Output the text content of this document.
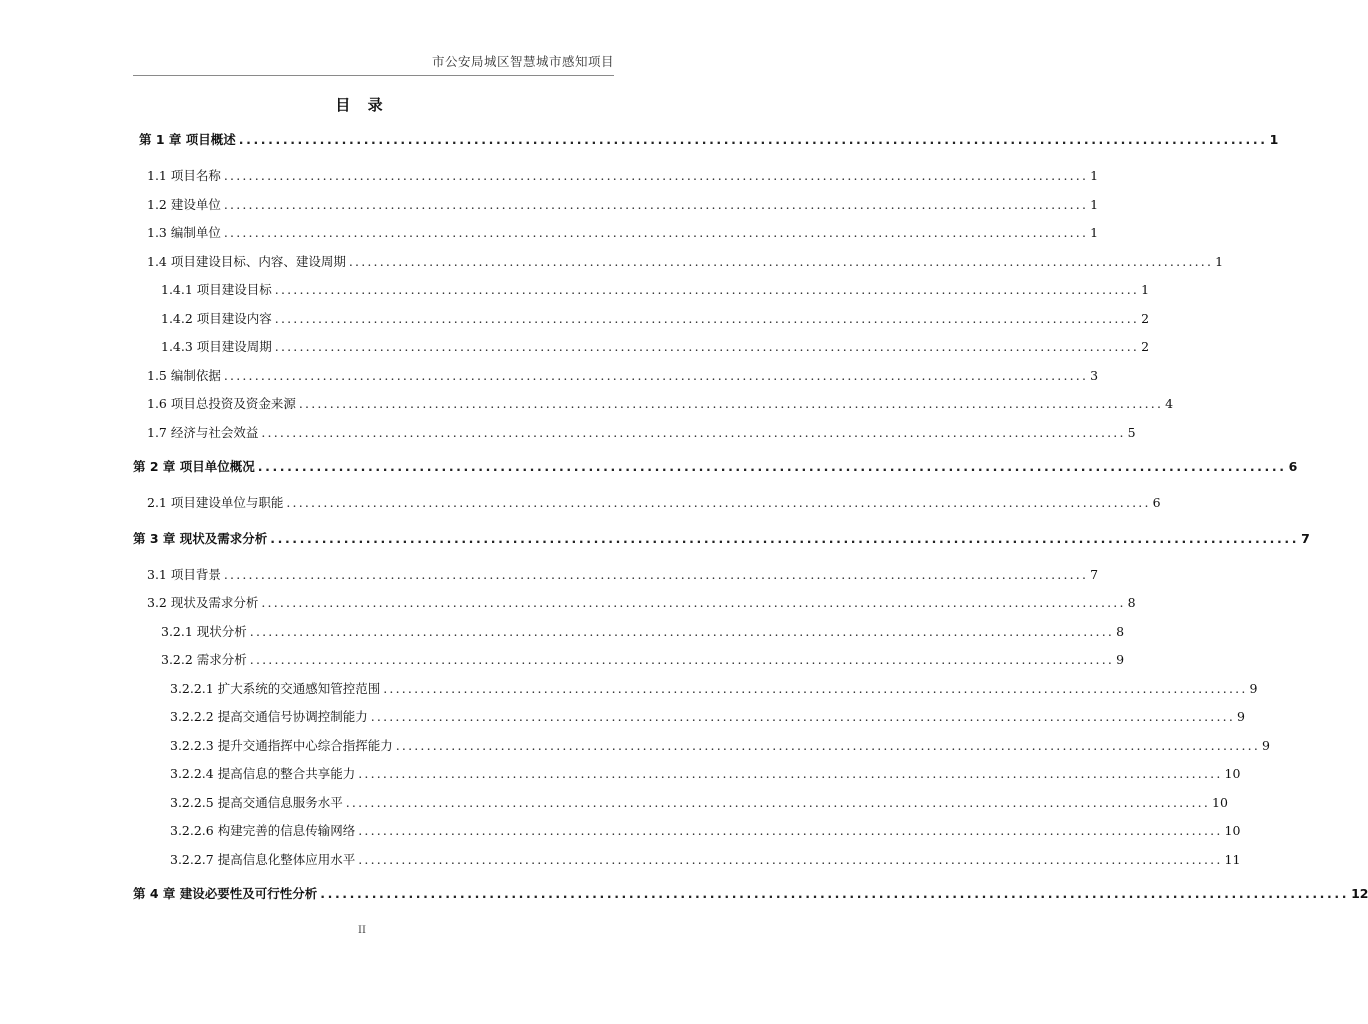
市公安局城区智慧城市感知项目
目 录
第 1 章 项目概述 ............................................................................................................................................ 1
1.1 项目名称 ............................................................................................................................................ 1
1.2 建设单位 ............................................................................................................................................ 1
1.3 编制单位 ............................................................................................................................................ 1
1.4 项目建设目标、内容、建设周期 ............................................................................................................................................ 1
1.4.1 项目建设目标 ............................................................................................................................................ 1
1.4.2 项目建设内容 ............................................................................................................................................ 2
1.4.3 项目建设周期 ............................................................................................................................................ 2
1.5 编制依据 ............................................................................................................................................ 3
1.6 项目总投资及资金来源 ............................................................................................................................................ 4
1.7 经济与社会效益 ............................................................................................................................................ 5
第 2 章 项目单位概况 ............................................................................................................................................ 6
2.1 项目建设单位与职能 ............................................................................................................................................ 6
第 3 章 现状及需求分析 ............................................................................................................................................ 7
3.1 项目背景 ............................................................................................................................................ 7
3.2 现状及需求分析 ............................................................................................................................................ 8
3.2.1 现状分析 ............................................................................................................................................ 8
3.2.2 需求分析 ............................................................................................................................................ 9
3.2.2.1 扩大系统的交通感知管控范围 ............................................................................................................................................ 9
3.2.2.2 提高交通信号协调控制能力 ............................................................................................................................................ 9
3.2.2.3 提升交通指挥中心综合指挥能力 ............................................................................................................................................ 9
3.2.2.4 提高信息的整合共享能力 ............................................................................................................................................ 10
3.2.2.5 提高交通信息服务水平 ............................................................................................................................................ 10
3.2.2.6 构建完善的信息传输网络 ............................................................................................................................................ 10
3.2.2.7 提高信息化整体应用水平 ............................................................................................................................................ 11
第 4 章 建设必要性及可行性分析 ............................................................................................................................................ 12
II
